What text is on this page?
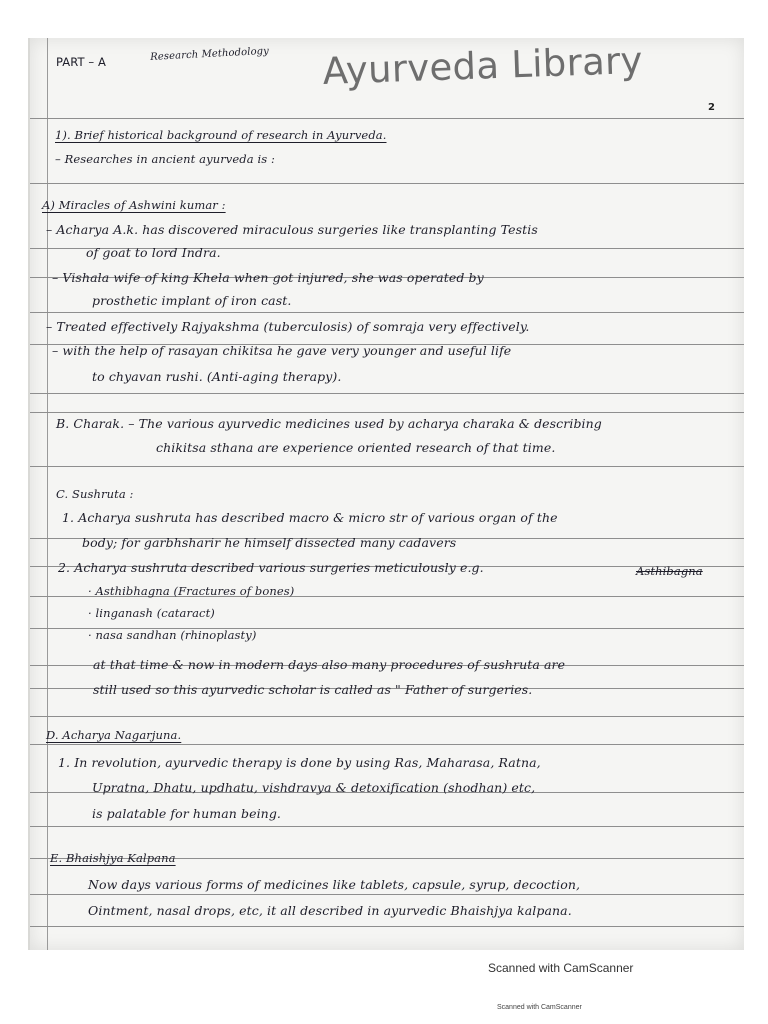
PART – A	Research Methodology Ayurveda Library
2
1). Brief historical background of research in Ayurveda.
– Researches in ancient ayurveda is :
A) Miracles of Ashwini kumar :
– Acharya A.k. has discovered miraculous surgeries like transplanting Testis
of goat to lord Indra.
– Vishala wife of king Khela when got injured, she was operated by
prosthetic implant of iron cast.
– Treated effectively Rajyakshma (tuberculosis) of somraja very effectively.
– with the help of rasayan chikitsa he gave very younger and useful life
to chyavan rushi. (Anti-aging therapy).
B. Charak. – The various ayurvedic medicines used by acharya charaka & describing
chikitsa sthana are experience oriented research of that time.
C. Sushruta :
1. Acharya sushruta has described macro & micro str of various organ of the
body; for garbhsharir he himself dissected many cadavers
2. Acharya sushruta described various surgeries meticulously e.g.	Asthibagna
· Asthibhagna (Fractures of bones)
· linganash (cataract)
· nasa sandhan (rhinoplasty)
at that time & now in modern days also many procedures of sushruta are
still used so this ayurvedic scholar is called as " Father of surgeries.
D. Acharya Nagarjuna.
1. In revolution, ayurvedic therapy is done by using Ras, Maharasa, Ratna,
Upratna, Dhatu, updhatu, vishdravya & detoxification (shodhan) etc,
is palatable for human being.
E. Bhaishjya Kalpana
Now days various forms of medicines like tablets, capsule, syrup, decoction,
Ointment, nasal drops, etc, it all described in ayurvedic Bhaishjya kalpana.
Scanned with CamScanner
Scanned with CamScanner
